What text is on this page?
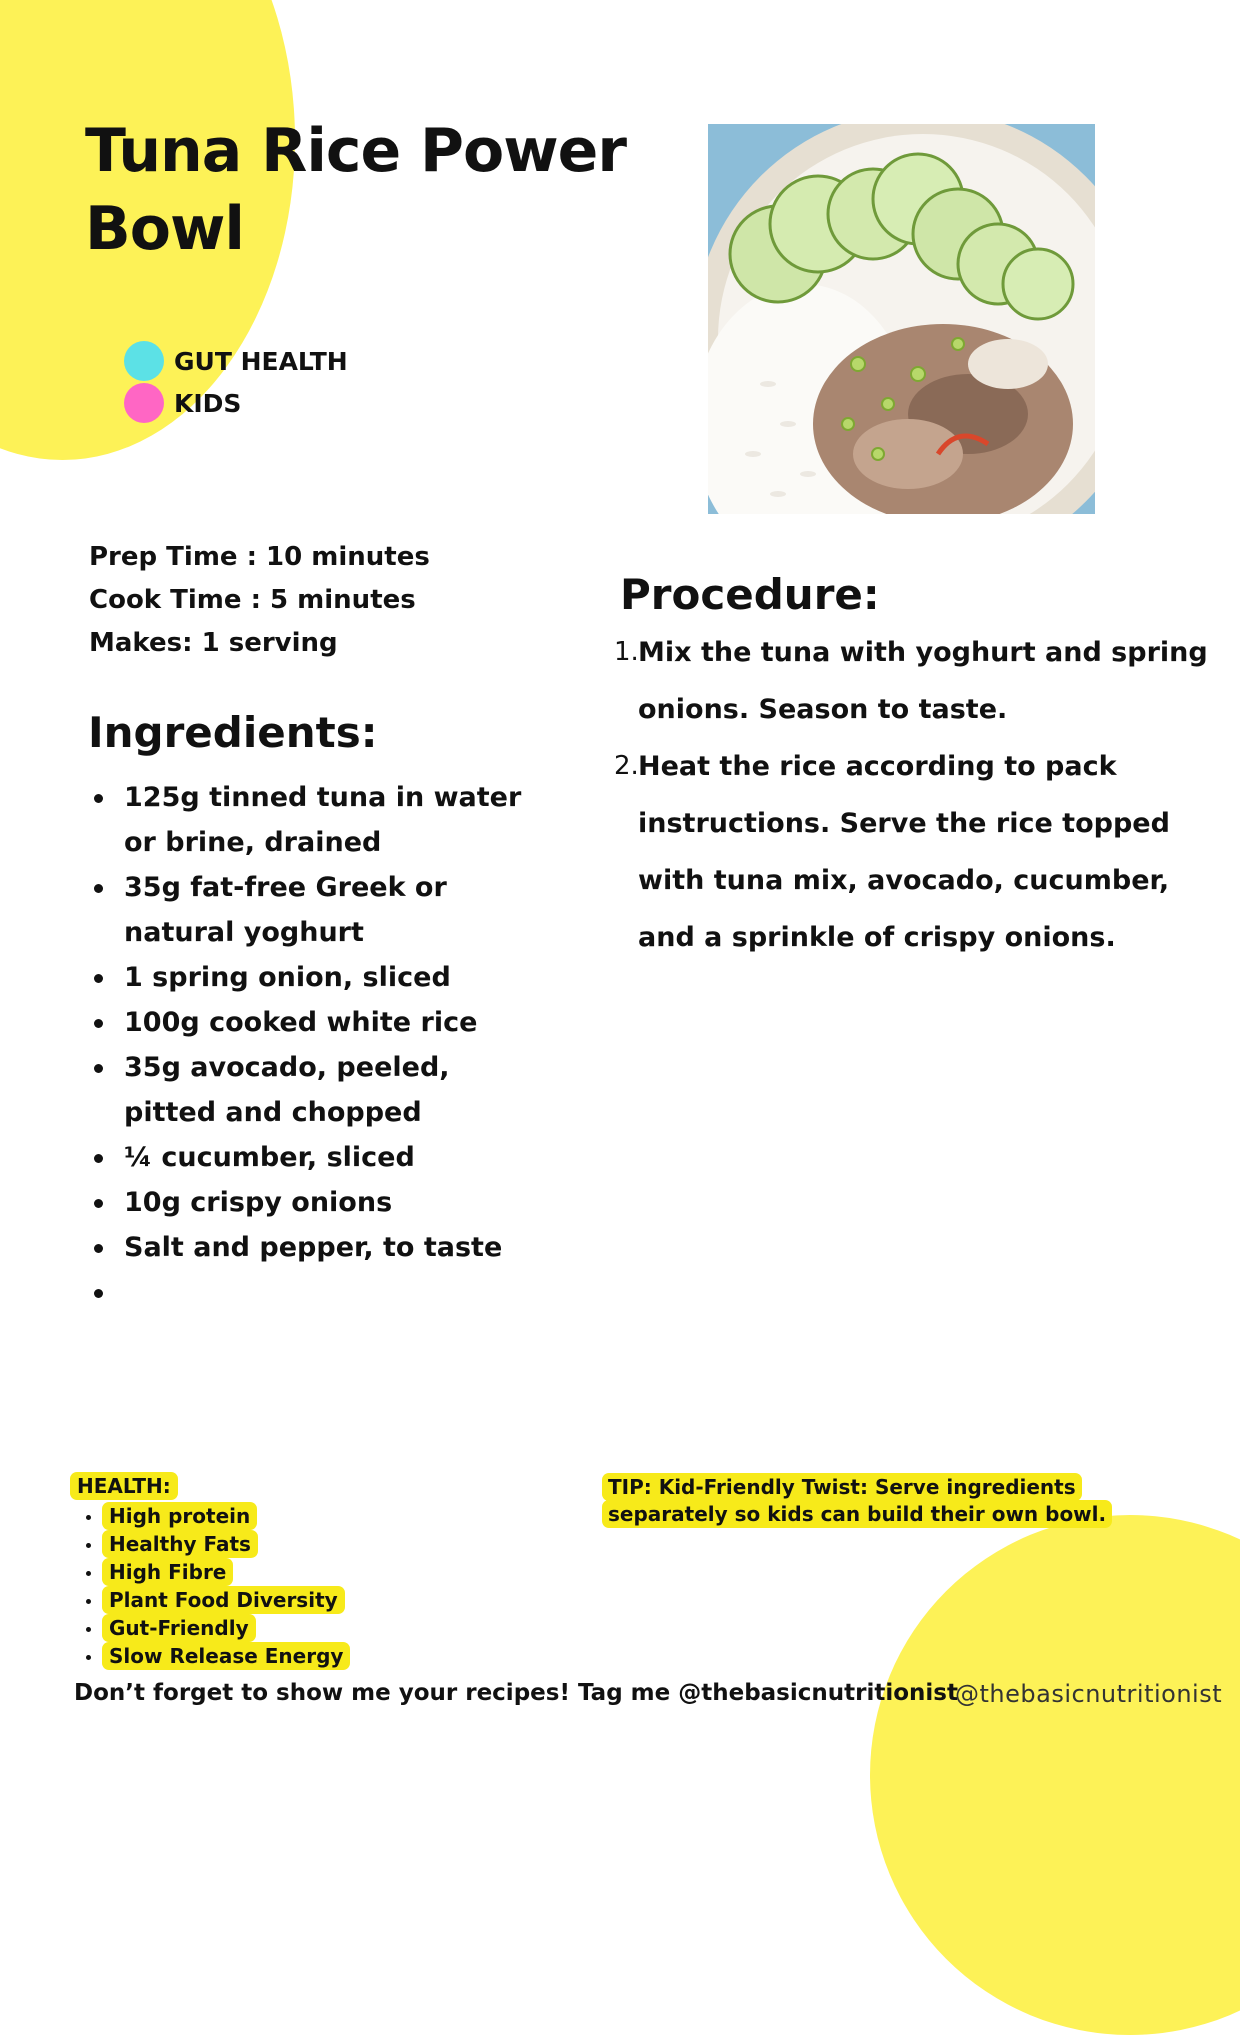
Tuna Rice Power Bowl
GUT HEALTH
KIDS
Prep Time : 10 minutes
Cook Time : 5 minutes
Makes: 1 serving
Ingredients:
125g tinned tuna in water or brine, drained
35g fat-free Greek or natural yoghurt
1 spring onion, sliced
100g cooked white rice
35g avocado, peeled, pitted and chopped
¼ cucumber, sliced
10g crispy onions
Salt and pepper, to taste
Procedure:
1. Mix the tuna with yoghurt and spring onions. Season to taste.
2. Heat the rice according to pack instructions. Serve the rice topped with tuna mix, avocado, cucumber, and a sprinkle of crispy onions.
HEALTH:
High protein
Healthy Fats
High Fibre
Plant Food Diversity
Gut-Friendly
Slow Release Energy
TIP: Kid-Friendly Twist: Serve ingredients separately so kids can build their own bowl.
Don’t forget to show me your recipes! Tag me @thebasicnutritionist
@thebasicnutritionist
